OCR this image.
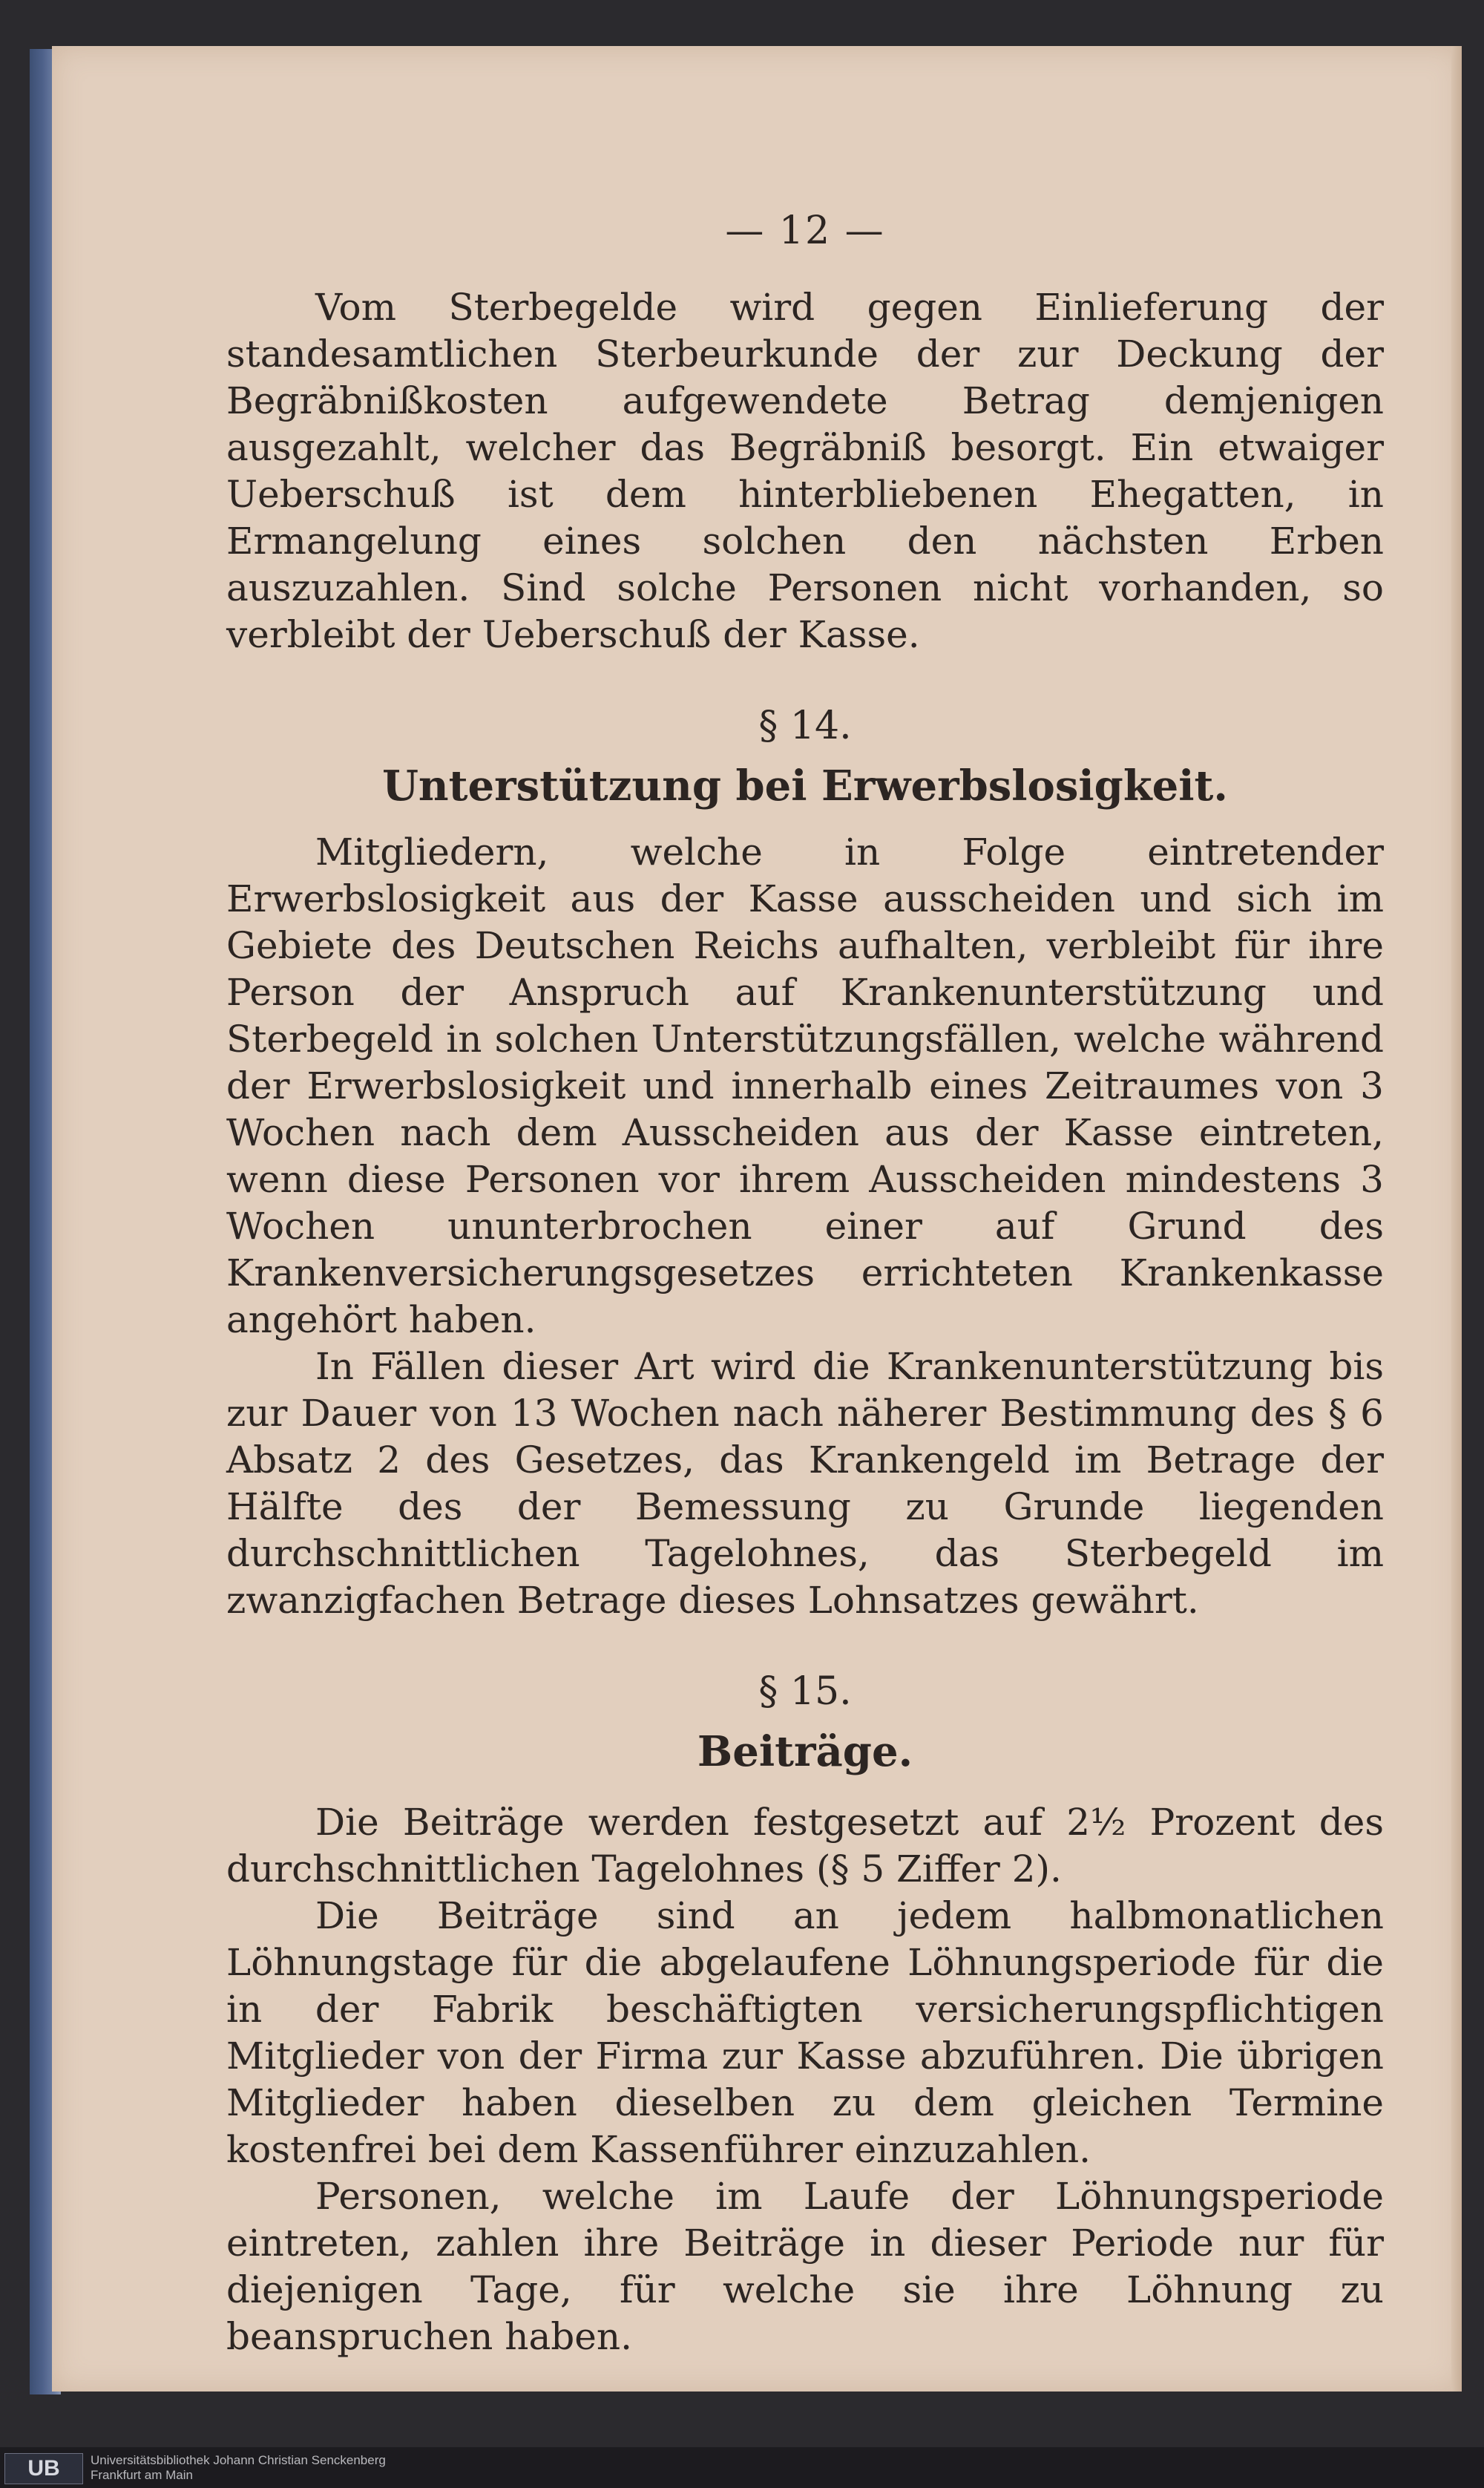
— 12 —

Vom Sterbegelde wird gegen Einlieferung der standesamtlichen Sterbeurkunde der zur Deckung der Begräbnißkosten aufgewendete Betrag demjenigen ausgezahlt, welcher das Begräbniß besorgt. Ein etwaiger Ueberschuß ist dem hinterbliebenen Ehegatten, in Ermangelung eines solchen den nächsten Erben auszuzahlen. Sind solche Personen nicht vorhanden, so verbleibt der Ueberschuß der Kasse.

§ 14.
Unterstützung bei Erwerbslosigkeit.

Mitgliedern, welche in Folge eintretender Erwerbslosigkeit aus der Kasse ausscheiden und sich im Gebiete des Deutschen Reichs aufhalten, verbleibt für ihre Person der Anspruch auf Krankenunterstützung und Sterbegeld in solchen Unterstützungsfällen, welche während der Erwerbslosigkeit und innerhalb eines Zeitraumes von 3 Wochen nach dem Ausscheiden aus der Kasse eintreten, wenn diese Personen vor ihrem Ausscheiden mindestens 3 Wochen ununterbrochen einer auf Grund des Krankenversicherungsgesetzes errichteten Krankenkasse angehört haben.

In Fällen dieser Art wird die Krankenunterstützung bis zur Dauer von 13 Wochen nach näherer Bestimmung des § 6 Absatz 2 des Gesetzes, das Krankengeld im Betrage der Hälfte des der Bemessung zu Grunde liegenden durchschnittlichen Tagelohnes, das Sterbegeld im zwanzigfachen Betrage dieses Lohnsatzes gewährt.

§ 15.
Beiträge.

Die Beiträge werden festgesetzt auf 2½ Prozent des durchschnittlichen Tagelohnes (§ 5 Ziffer 2).

Die Beiträge sind an jedem halbmonatlichen Löhnungstage für die abgelaufene Löhnungsperiode für die in der Fabrik beschäftigten versicherungspflichtigen Mitglieder von der Firma zur Kasse abzuführen. Die übrigen Mitglieder haben dieselben zu dem gleichen Termine kostenfrei bei dem Kassenführer einzuzahlen.

Personen, welche im Laufe der Löhnungsperiode eintreten, zahlen ihre Beiträge in dieser Periode nur für diejenigen Tage, für welche sie ihre Löhnung zu beanspruchen haben.

UB	Universitätsbibliothek Johann Christian Senckenberg
Frankfurt am Main
